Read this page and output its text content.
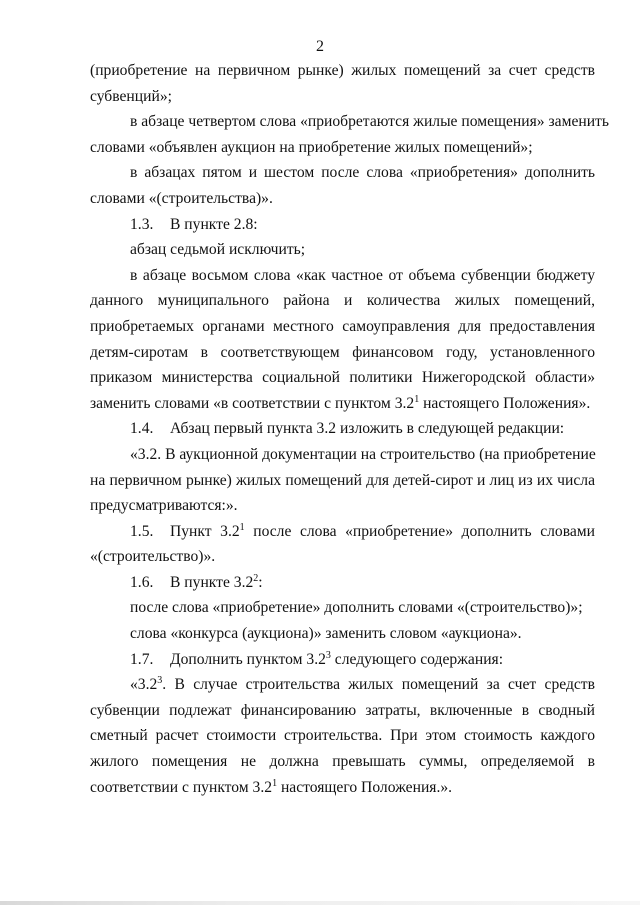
2
(приобретение на первичном рынке) жилых помещений за счет средств
субвенций»;
в абзаце четвертом слова «приобретаются жилые помещения» заменить
словами «объявлен аукцион на приобретение жилых помещений»;
в абзацах пятом и шестом после слова «приобретения» дополнить
словами «(строительства)».
1.3. В пункте 2.8:
абзац седьмой исключить;
в абзаце восьмом слова «как частное от объема субвенции бюджету
данного муниципального района и количества жилых помещений,
приобретаемых органами местного самоуправления для предоставления
детям-сиротам в соответствующем финансовом году, установленного
приказом министерства социальной политики Нижегородской области»
заменить словами «в соответствии с пунктом $3.2^1$ настоящего Положения».
1.4. Абзац первый пункта 3.2 изложить в следующей редакции:
«3.2. В аукционной документации на строительство (на приобретение
на первичном рынке) жилых помещений для детей-сирот и лиц из их числа
предусматриваются:».
1.5. Пункт $3.2^1$ после слова «приобретение» дополнить словами
«(строительство)».
1.6. В пункте $3.2^2$:
после слова «приобретение» дополнить словами «(строительство)»;
слова «конкурса (аукциона)» заменить словом «аукциона».
1.7. Дополнить пунктом $3.2^3$ следующего содержания:
«$3.2^3$. В случае строительства жилых помещений за счет средств
субвенции подлежат финансированию затраты, включенные в сводный
сметный расчет стоимости строительства. При этом стоимость каждого
жилого помещения не должна превышать суммы, определяемой в
соответствии с пунктом $3.2^1$ настоящего Положения.».
